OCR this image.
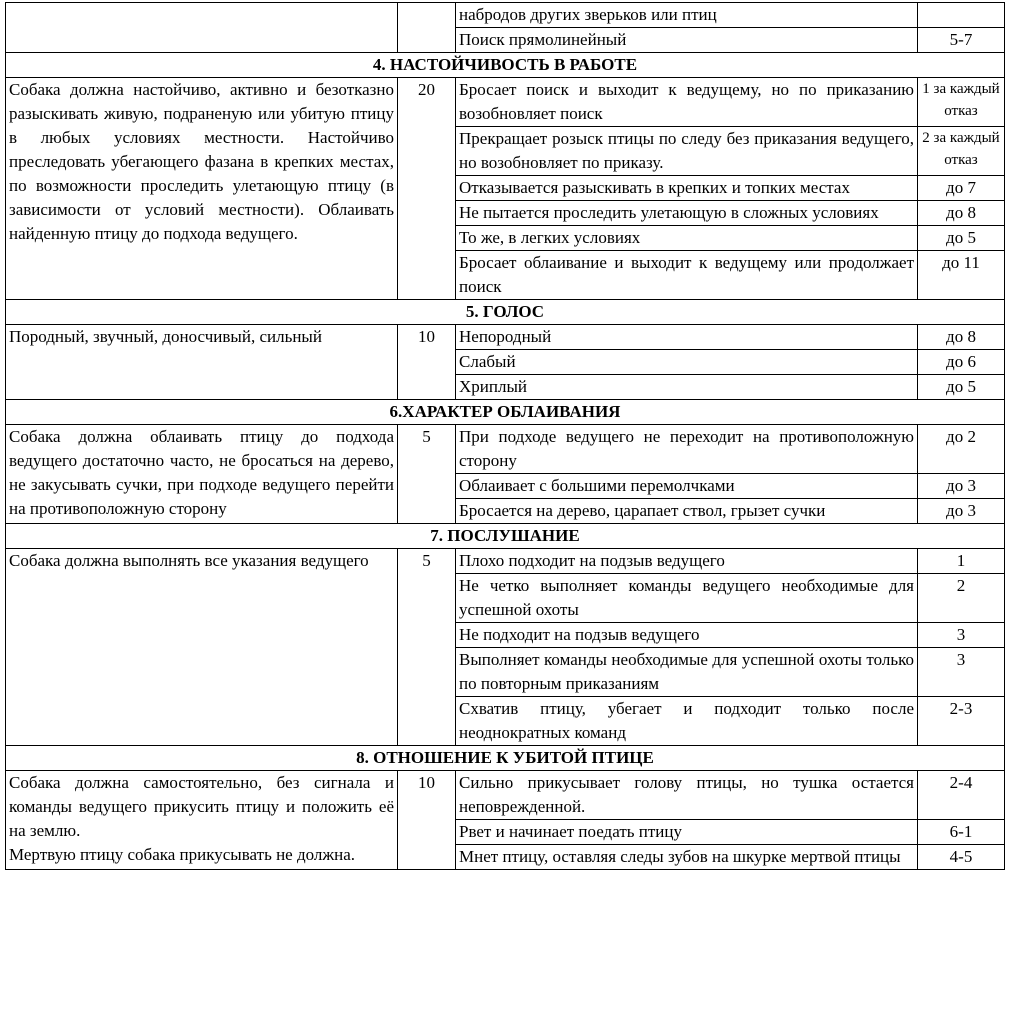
		набродов других зверьков или птиц	
		Поиск прямолинейный	5-7
4. НАСТОЙЧИВОСТЬ В РАБОТЕ			

Собака должна настойчиво, активно и безотказно разыскивать живую, подраненую или убитую птицу в любых условиях местности. Настойчиво преследовать убегающего фазана в крепких местах, по возможности проследить улетающую птицу (в зависимости от условий местности). Облаивать найденную птицу до подхода ведущего.	20	Бросает поиск и выходит к ведущему, но по приказанию возобновляет поиск	1 за каждый отказ
		Прекращает розыск птицы по следу без приказания ведущего, но возобновляет по приказу.	2 за каждый отказ
		Отказывается разыскивать в крепких и топких местах	до 7
		Не пытается проследить улетающую в сложных условиях	до 8
		То же, в легких условиях	до 5
		Бросает облаивание и выходит к ведущему или продолжает поиск	до 11
5. ГОЛОС			

Породный, звучный, доносчивый, сильный	10	Непородный	до 8
		Слабый	до 6
		Хриплый	до 5
6.ХАРАКТЕР ОБЛАИВАНИЯ			

Собака должна облаивать птицу до подхода ведущего достаточно часто, не бросаться на дерево, не закусывать сучки, при подходе ведущего перейти на противоположную сторону	5	При подходе ведущего не переходит на противоположную сторону	до 2
		Облаивает с большими перемолчками	до 3
		Бросается на дерево, царапает ствол, грызет сучки	до 3
7. ПОСЛУШАНИЕ			

Собака должна выполнять все указания ведущего	5	Плохо подходит на подзыв ведущего	1
		Не четко выполняет команды ведущего необходимые для успешной охоты	2
		Не подходит на подзыв ведущего	3
		Выполняет команды необходимые для успешной охоты только по повторным приказаниям	3
		Схватив птицу, убегает и подходит только после неоднократных команд	2-3
8. ОТНОШЕНИЕ К УБИТОЙ ПТИЦЕ			

Собака должна самостоятельно, без сигнала и команды ведущего прикусить птицу и положить её на землю.
Мертвую птицу собака прикусывать не должна.	10	Сильно прикусывает голову птицы, но тушка остается неповрежденной.	2-4
		Рвет и начинает поедать птицу	6-1
		Мнет птицу, оставляя следы зубов на шкурке мертвой птицы	4-5
